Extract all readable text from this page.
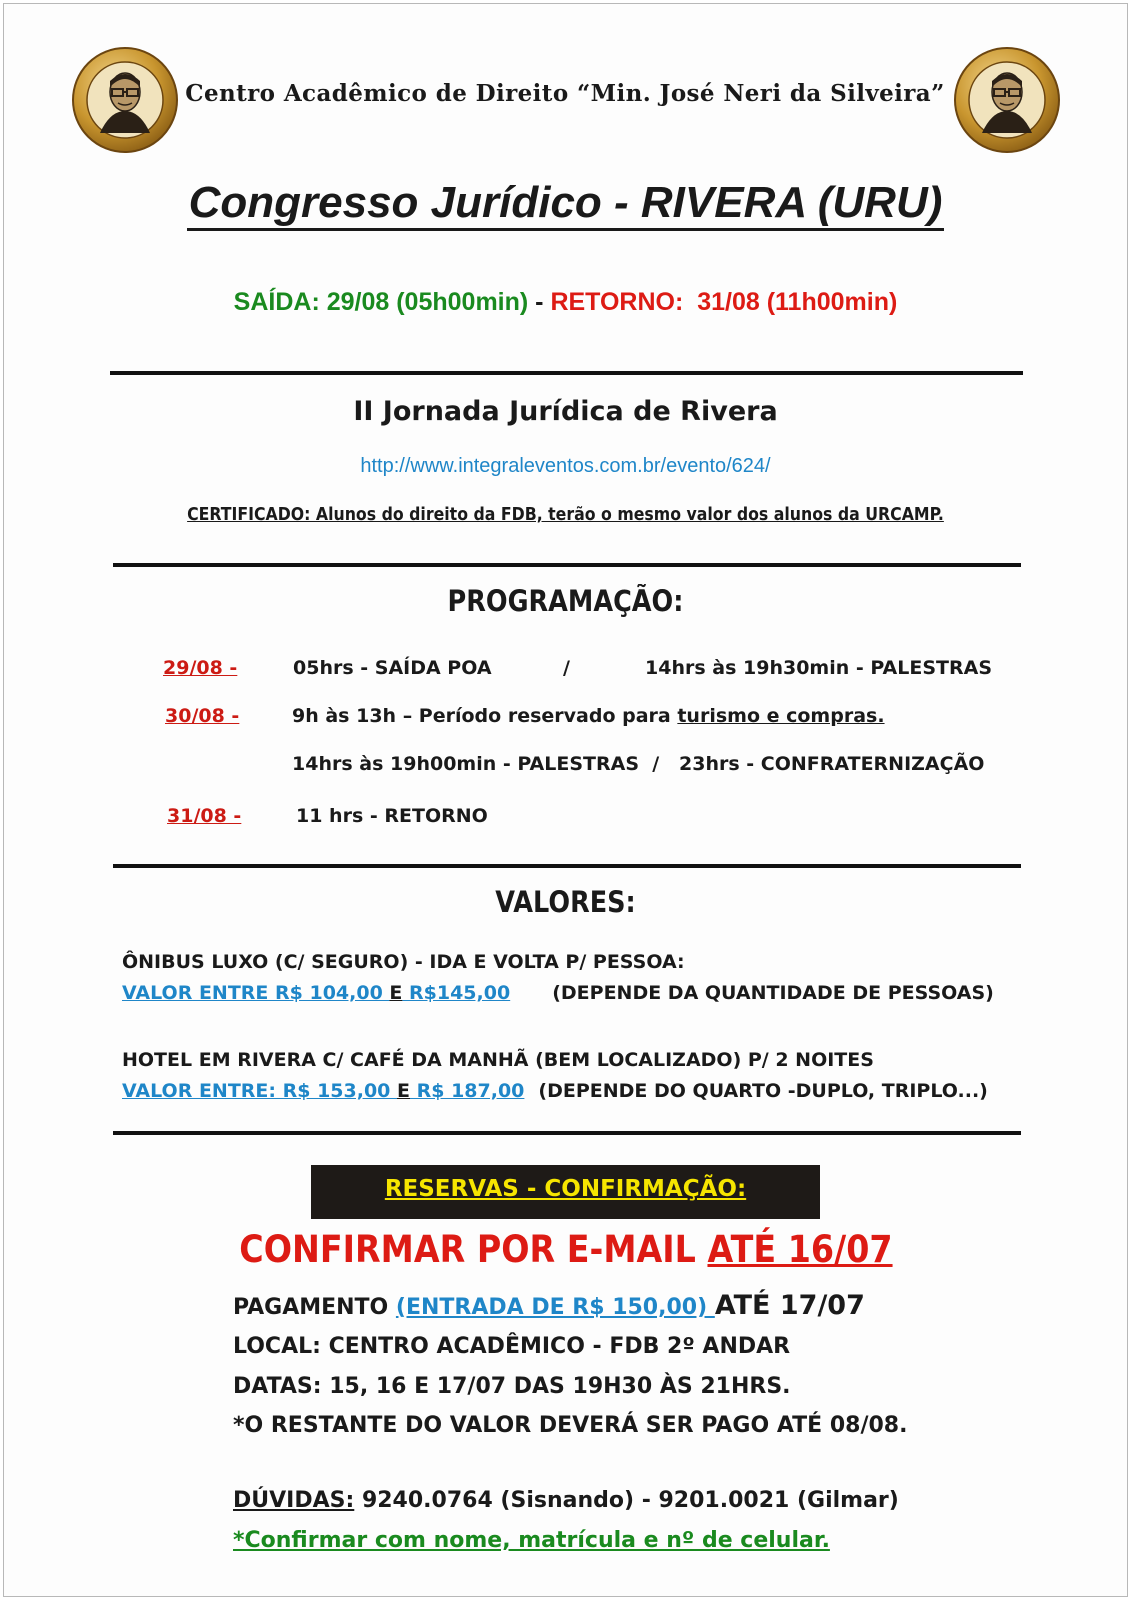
Centro Acadêmico de Direito “Min. José Neri da Silveira”
Congresso Jurídico - RIVERA (URU)
SAÍDA: 29/08 (05h00min) - RETORNO:  31/08 (11h00min)
II Jornada Jurídica de Rivera
http://www.integraleventos.com.br/evento/624/
CERTIFICADO: Alunos do direito da FDB, terão o mesmo valor dos alunos da URCAMP.
PROGRAMAÇÃO:
29/08 -	05hrs - SAÍDA POA	/	14hrs às 19h30min - PALESTRAS
30/08 -	9h às 13h – Período reservado para turismo e compras.
14hrs às 19h00min - PALESTRAS  /   23hrs - CONFRATERNIZAÇÃO
31/08 -	11 hrs - RETORNO
VALORES:
ÔNIBUS LUXO (C/ SEGURO) - IDA E VOLTA P/ PESSOA:
VALOR ENTRE R$ 104,00 E R$145,00 (DEPENDE DA QUANTIDADE DE PESSOAS)
HOTEL EM RIVERA C/ CAFÉ DA MANHÃ (BEM LOCALIZADO) P/ 2 NOITES
VALOR ENTRE: R$ 153,00 E R$ 187,00 (DEPENDE DO QUARTO -DUPLO, TRIPLO...)
RESERVAS - CONFIRMAÇÃO:
CONFIRMAR POR E-MAIL ATÉ 16/07
PAGAMENTO (ENTRADA DE R$ 150,00) ATÉ 17/07
LOCAL: CENTRO ACADÊMICO - FDB 2º ANDAR
DATAS: 15, 16 E 17/07 DAS 19H30 ÀS 21HRS.
*O RESTANTE DO VALOR DEVERÁ SER PAGO ATÉ 08/08.
DÚVIDAS: 9240.0764 (Sisnando) - 9201.0021 (Gilmar)
*Confirmar com nome, matrícula e nº de celular.
